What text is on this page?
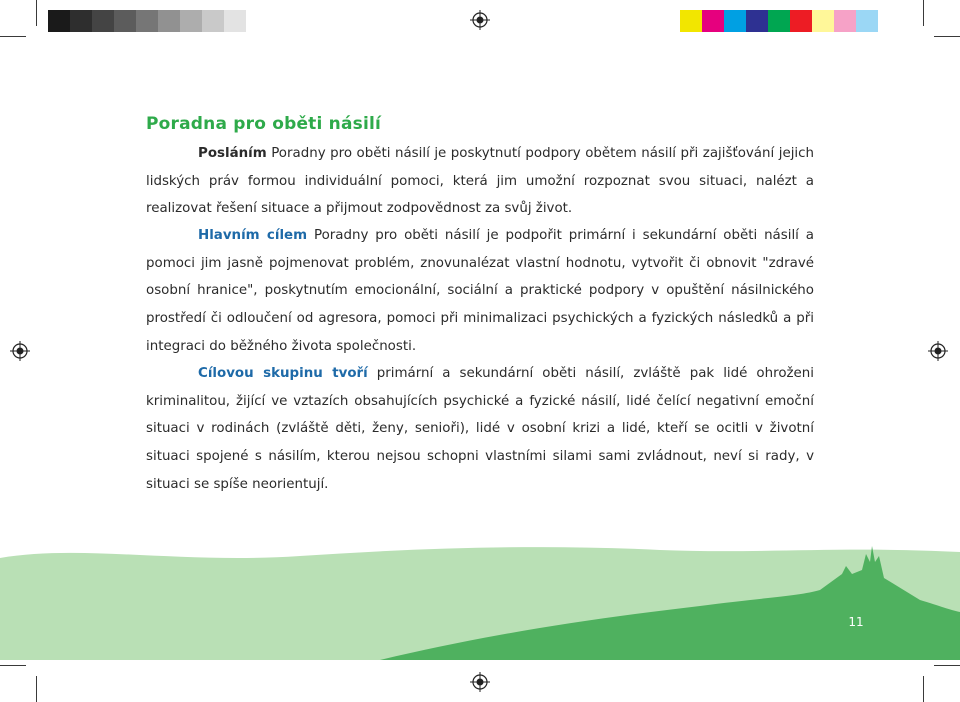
Poradna pro oběti násilí

Posláním Poradny pro oběti násilí je poskytnutí podpory obětem násilí při zajišťování jejich lidských práv formou individuální pomoci, která jim umožní rozpoznat svou situaci, nalézt a realizovat řešení situace a přijmout zodpovědnost za svůj život.

Hlavním cílem Poradny pro oběti násilí je podpořit primární i sekundární oběti násilí a pomoci jim jasně pojmenovat problém, znovunalézat vlastní hodnotu, vytvořit či obnovit "zdravé osobní hranice", poskytnutím emocionální, sociální a praktické podpory v opuštění násilnického prostředí či odloučení od agresora, pomoci při minimalizaci psychických a fyzických následků a při integraci do běžného života společnosti.

Cílovou skupinu tvoří primární a sekundární oběti násilí, zvláště pak lidé ohroženi kriminalitou, žijící ve vztazích obsahujících psychické a fyzické násilí, lidé čelící negativní emoční situaci v rodinách (zvláště děti, ženy, senioři), lidé v osobní krizi a lidé, kteří se ocitli v životní situaci spojené s násilím, kterou nejsou schopni vlastními silami sami zvládnout, neví si rady, v situaci se spíše neorientují.

11
